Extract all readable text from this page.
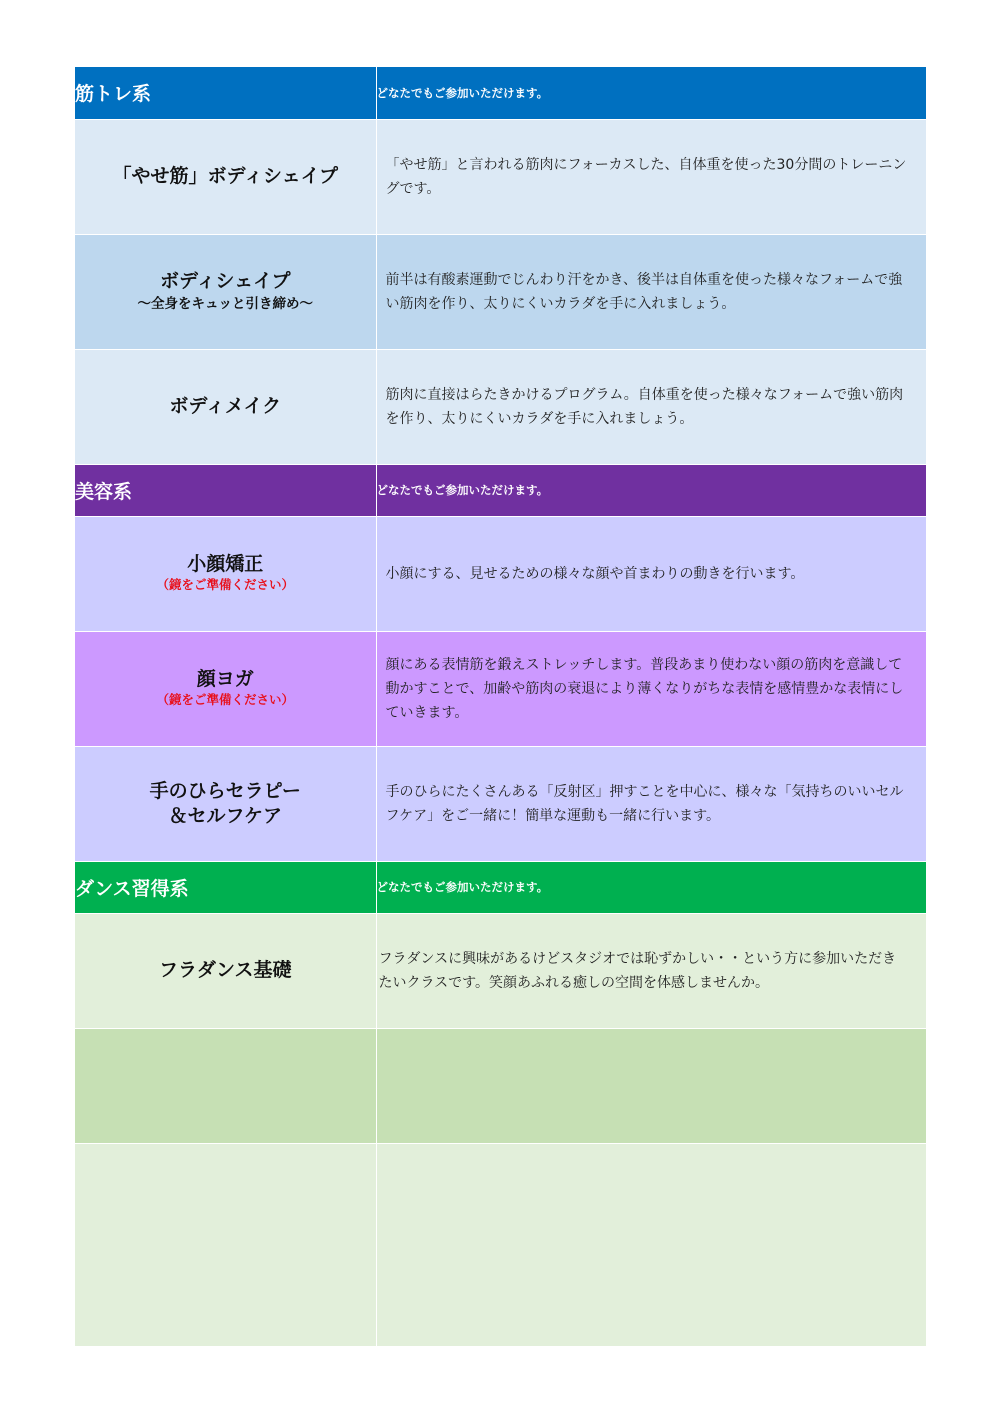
筋トレ系	どなたでもご参加いただけます。

「やせ筋」ボディシェイプ	「やせ筋」と言われる筋肉にフォーカスした、自体重を使った30分間のトレーニングです。

ボディシェイプ
～全身をキュッと引き締め～	前半は有酸素運動でじんわり汗をかき、後半は自体重を使った様々なフォームで強い筋肉を作り、太りにくいカラダを手に入れましょう。

ボディメイク	筋肉に直接はらたきかけるプログラム。自体重を使った様々なフォームで強い筋肉を作り、太りにくいカラダを手に入れましょう。

美容系	どなたでもご参加いただけます。

小顔矯正
（鏡をご準備ください）	小顔にする、見せるための様々な顔や首まわりの動きを行います。

顔ヨガ
（鏡をご準備ください）	顔にある表情筋を鍛えストレッチします。普段あまり使わない顔の筋肉を意識して動かすことで、加齢や筋肉の衰退により薄くなりがちな表情を感情豊かな表情にしていきます。

手のひらセラピー
＆セルフケア	手のひらにたくさんある「反射区」押すことを中心に、様々な「気持ちのいいセルフケア」をご一緒に！簡単な運動も一緒に行います。

ダンス習得系	どなたでもご参加いただけます。

フラダンス基礎	フラダンスに興味があるけどスタジオでは恥ずかしい・・という方に参加いただきたいクラスです。笑顔あふれる癒しの空間を体感しませんか。
